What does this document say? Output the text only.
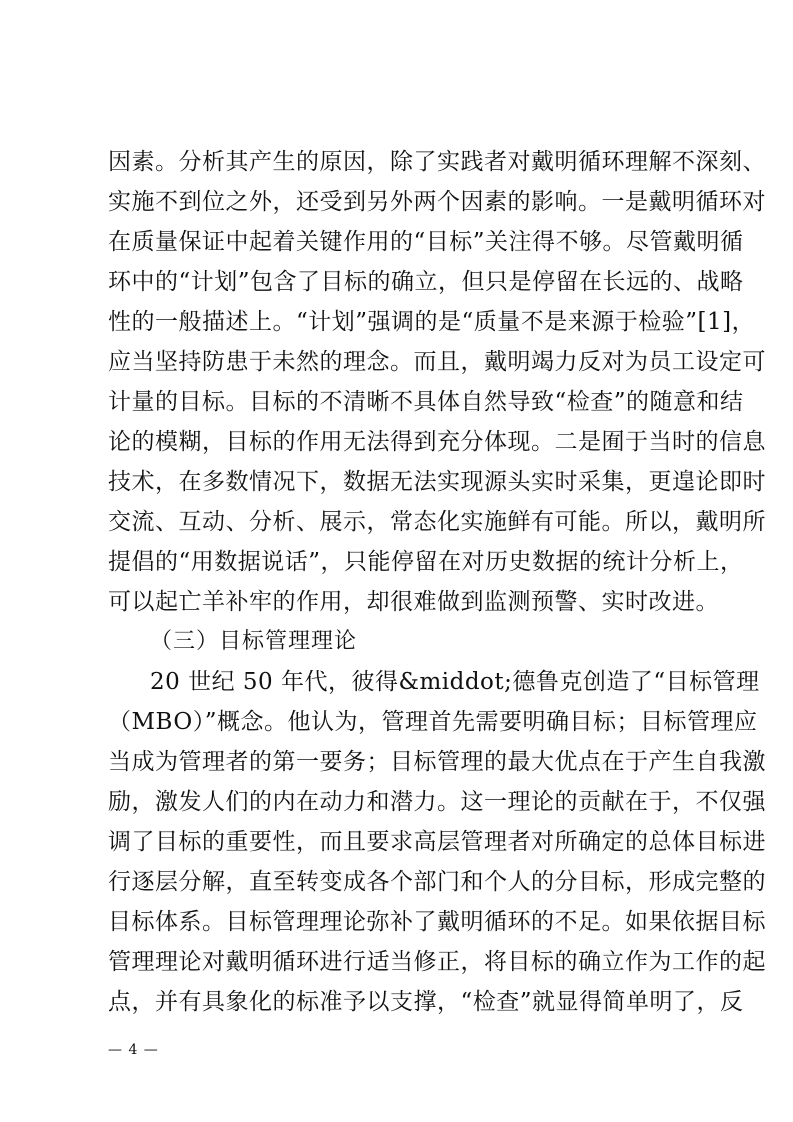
因素。分析其产生的原因，除了实践者对戴明循环理解不深刻、
实施不到位之外，还受到另外两个因素的影响。一是戴明循环对
在质量保证中起着关键作用的“目标”关注得不够。尽管戴明循
环中的“计划”包含了目标的确立，但只是停留在长远的、战略
性的一般描述上。“计划”强调的是“质量不是来源于检验”[1]，
应当坚持防患于未然的理念。而且，戴明竭力反对为员工设定可
计量的目标。目标的不清晰不具体自然导致“检查”的随意和结
论的模糊，目标的作用无法得到充分体现。二是囿于当时的信息
技术，在多数情况下，数据无法实现源头实时采集，更遑论即时
交流、互动、分析、展示，常态化实施鲜有可能。所以，戴明所
提倡的“用数据说话”，只能停留在对历史数据的统计分析上，
可以起亡羊补牢的作用，却很难做到监测预警、实时改进。
（三）目标管理理论
20 世纪 50 年代，彼得&middot;德鲁克创造了“目标管理
（MBO）”概念。他认为，管理首先需要明确目标；目标管理应
当成为管理者的第一要务；目标管理的最大优点在于产生自我激
励，激发人们的内在动力和潜力。这一理论的贡献在于，不仅强
调了目标的重要性，而且要求高层管理者对所确定的总体目标进
行逐层分解，直至转变成各个部门和个人的分目标，形成完整的
目标体系。目标管理理论弥补了戴明循环的不足。如果依据目标
管理理论对戴明循环进行适当修正，将目标的确立作为工作的起
点，并有具象化的标准予以支撑，“检查”就显得简单明了，反
— 4 —
